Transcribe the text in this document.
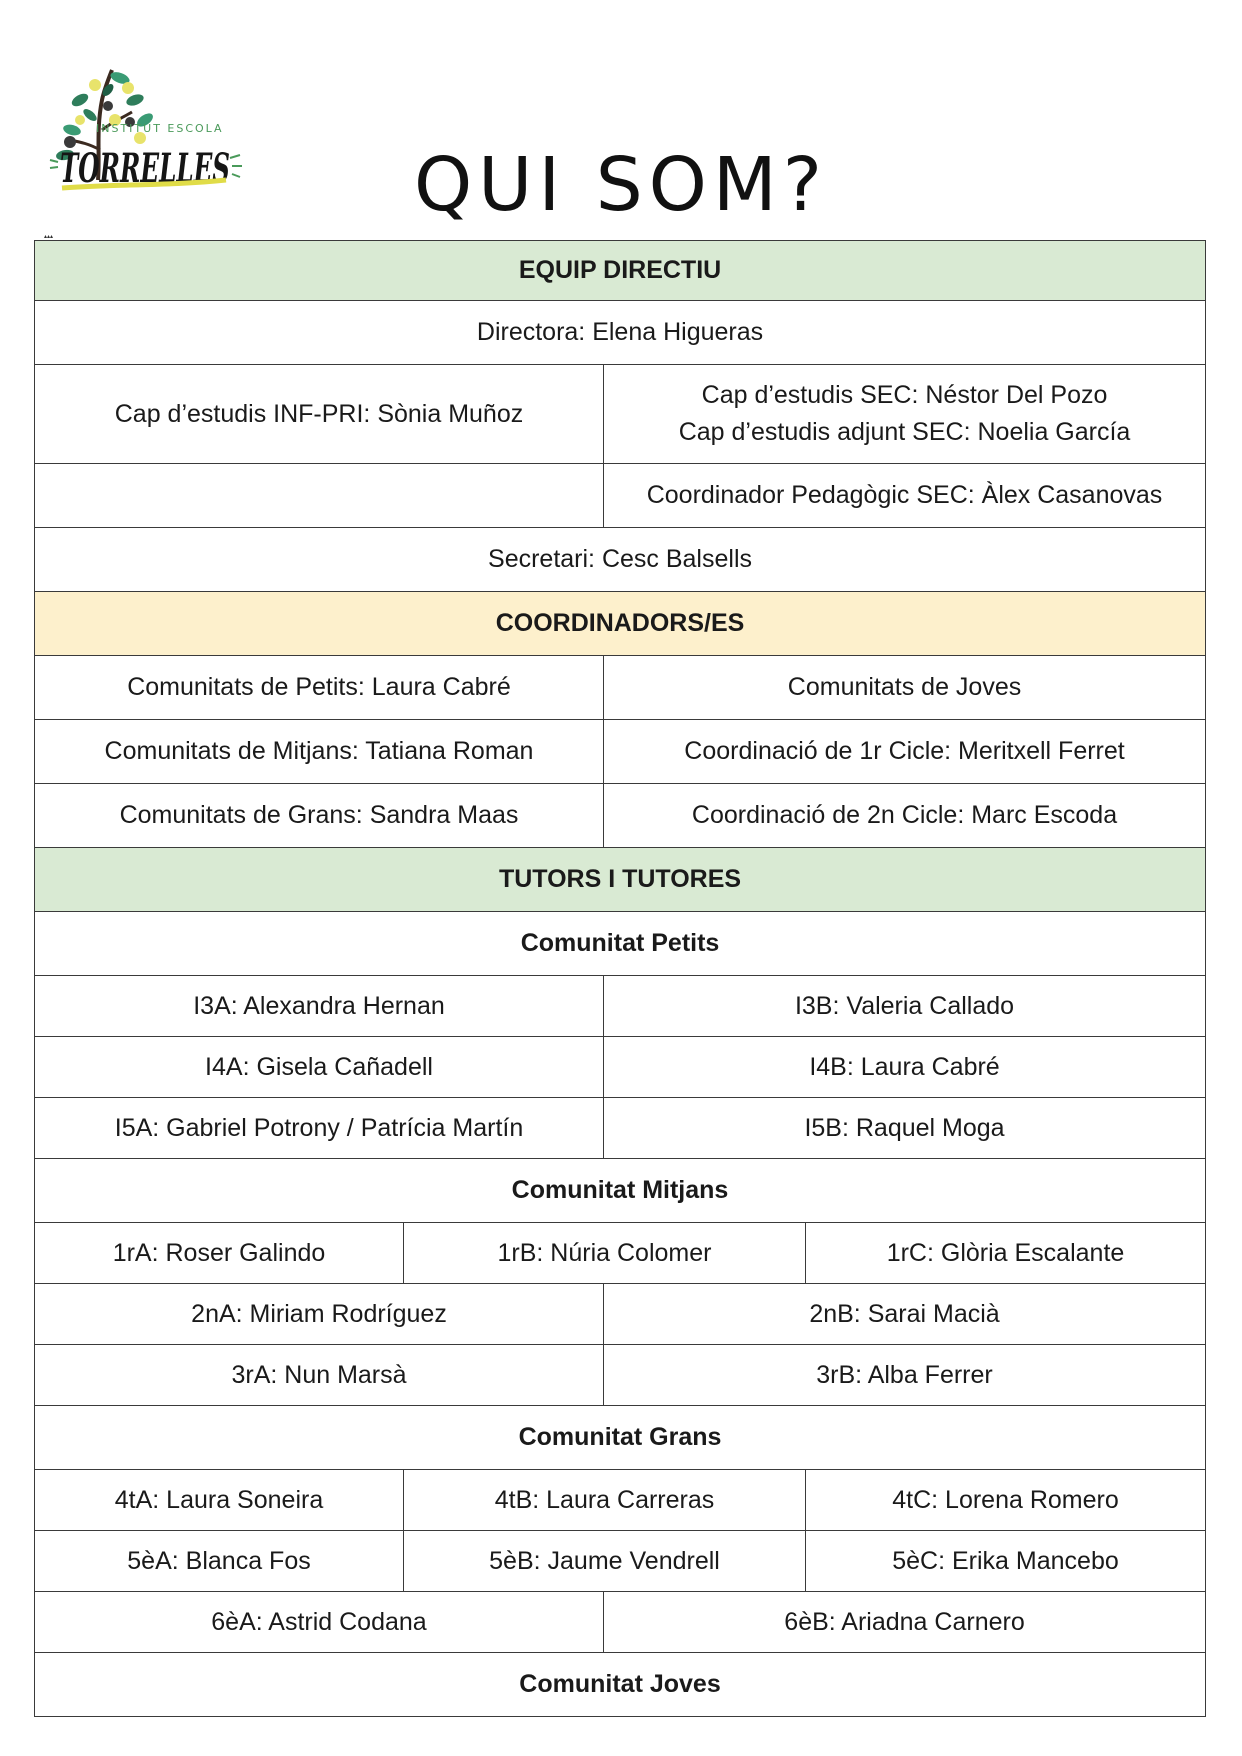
INSTITUT ESCOLA
TORRELLES	QUI SOM?
▴▴▴
EQUIP DIRECTIU			
Directora: Elena Higueras			
Cap d’estudis INF-PRI: Sònia Muñoz		Cap d’estudis SEC: Néstor Del Pozo
Cap d’estudis adjunt SEC: Noelia García	

		Coordinador Pedagògic SEC: Àlex Casanovas	
Secretari: Cesc Balsells			
COORDINADORS/ES			
Comunitats de Petits: Laura Cabré		Comunitats de Joves	
Comunitats de Mitjans: Tatiana Roman		Coordinació de 1r Cicle: Meritxell Ferret	
Comunitats de Grans: Sandra Maas		Coordinació de 2n Cicle: Marc Escoda	
TUTORS I TUTORES			
Comunitat Petits			
I3A: Alexandra Hernan		I3B: Valeria Callado	
I4A: Gisela Cañadell		I4B: Laura Cabré	
I5A: Gabriel Potrony / Patrícia Martín		I5B: Raquel Moga	
Comunitat Mitjans			
1rA: Roser Galindo	1rB: Núria Colomer		1rC: Glòria Escalante
2nA: Miriam Rodríguez		2nB: Sarai Macià	
3rA: Nun Marsà		3rB: Alba Ferrer	
Comunitat Grans			
4tA: Laura Soneira	4tB: Laura Carreras		4tC: Lorena Romero
5èA: Blanca Fos	5èB: Jaume Vendrell		5èC: Erika Mancebo
6èA: Astrid Codana		6èB: Ariadna Carnero	
Comunitat Joves			
